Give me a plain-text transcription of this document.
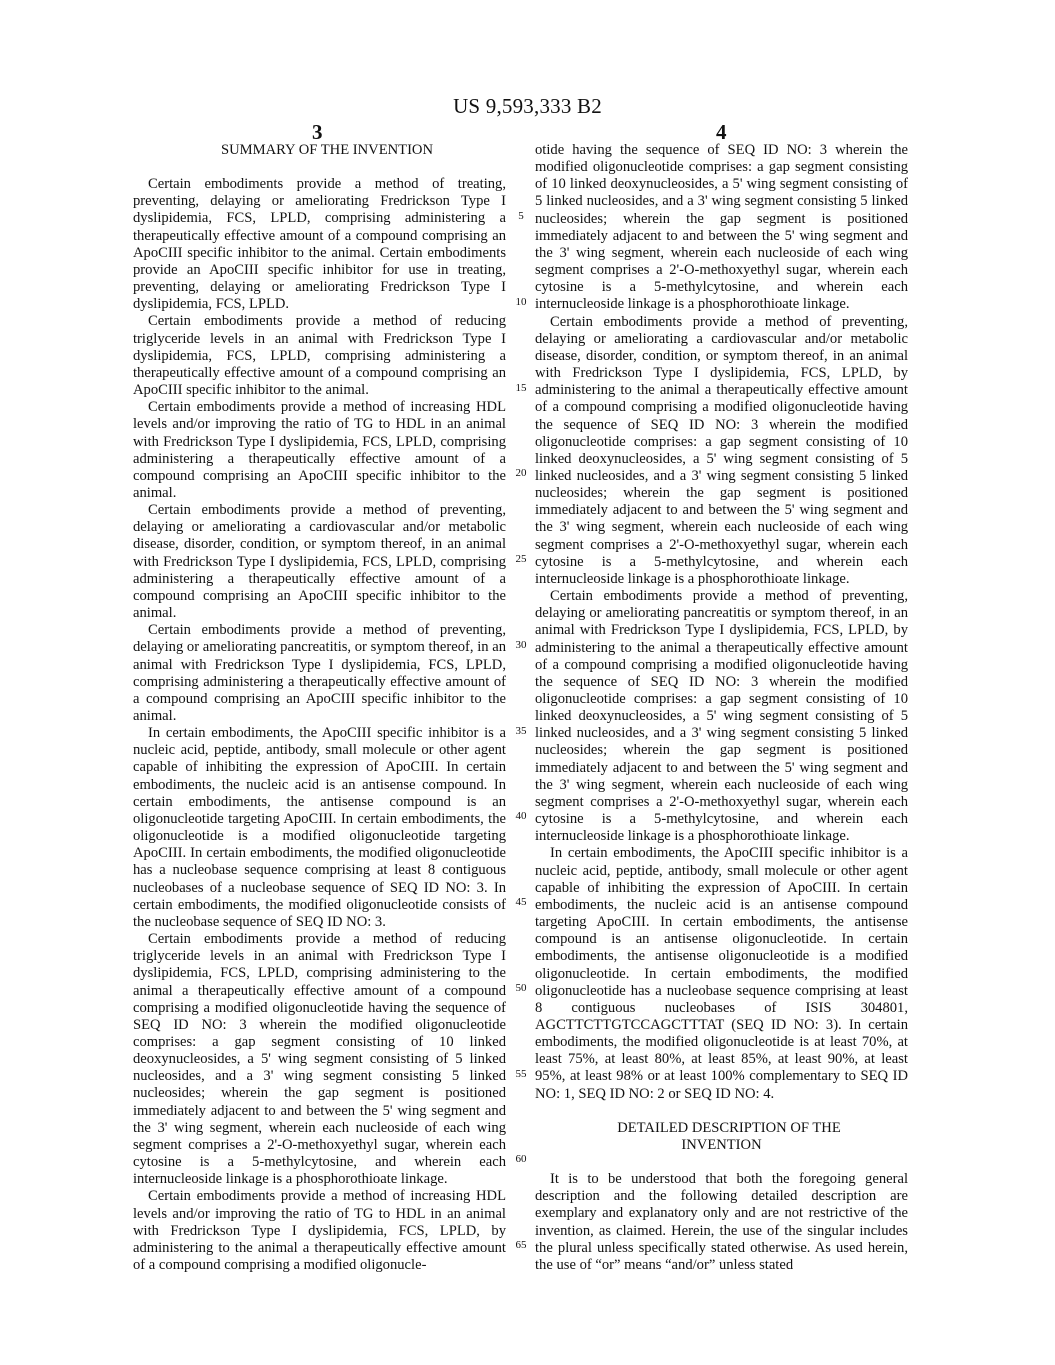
US 9,593,333 B2
3	4

SUMMARY OF THE INVENTION

Certain embodiments provide a method of treating, preventing, delaying or ameliorating Fredrickson Type I dyslipidemia, FCS, LPLD, comprising administering a therapeutically effective amount of a compound comprising an ApoCIII specific inhibitor to the animal. Certain embodiments provide an ApoCIII specific inhibitor for use in treating, preventing, delaying or ameliorating Fredrickson Type I dyslipidemia, FCS, LPLD.

Certain embodiments provide a method of reducing triglyceride levels in an animal with Fredrickson Type I dyslipidemia, FCS, LPLD, comprising administering a therapeutically effective amount of a compound comprising an ApoCIII specific inhibitor to the animal.

Certain embodiments provide a method of increasing HDL levels and/or improving the ratio of TG to HDL in an animal with Fredrickson Type I dyslipidemia, FCS, LPLD, comprising administering a therapeutically effective amount of a compound comprising an ApoCIII specific inhibitor to the animal.

Certain embodiments provide a method of preventing, delaying or ameliorating a cardiovascular and/or metabolic disease, disorder, condition, or symptom thereof, in an animal with Fredrickson Type I dyslipidemia, FCS, LPLD, comprising administering a therapeutically effective amount of a compound comprising an ApoCIII specific inhibitor to the animal.

Certain embodiments provide a method of preventing, delaying or ameliorating pancreatitis, or symptom thereof, in an animal with Fredrickson Type I dyslipidemia, FCS, LPLD, comprising administering a therapeutically effective amount of a compound comprising an ApoCIII specific inhibitor to the animal.

In certain embodiments, the ApoCIII specific inhibitor is a nucleic acid, peptide, antibody, small molecule or other agent capable of inhibiting the expression of ApoCIII. In certain embodiments, the nucleic acid is an antisense compound. In certain embodiments, the antisense compound is an oligonucleotide targeting ApoCIII. In certain embodiments, the oligonucleotide is a modified oligonucleotide targeting ApoCIII. In certain embodiments, the modified oligonucleotide has a nucleobase sequence comprising at least 8 contiguous nucleobases of a nucleobase sequence of SEQ ID NO: 3. In certain embodiments, the modified oligonucleotide consists of the nucleobase sequence of SEQ ID NO: 3.

Certain embodiments provide a method of reducing triglyceride levels in an animal with Fredrickson Type I dyslipidemia, FCS, LPLD, comprising administering to the animal a therapeutically effective amount of a compound comprising a modified oligonucleotide having the sequence of SEQ ID NO: 3 wherein the modified oligonucleotide comprises: a gap segment consisting of 10 linked deoxynucleosides, a 5' wing segment consisting of 5 linked nucleosides, and a 3' wing segment consisting 5 linked nucleosides; wherein the gap segment is positioned immediately adjacent to and between the 5' wing segment and the 3' wing segment, wherein each nucleoside of each wing segment comprises a 2'-O-methoxyethyl sugar, wherein each cytosine is a 5-methylcytosine, and wherein each internucleoside linkage is a phosphorothioate linkage.

Certain embodiments provide a method of increasing HDL levels and/or improving the ratio of TG to HDL in an animal with Fredrickson Type I dyslipidemia, FCS, LPLD, by administering to the animal a therapeutically effective amount of a compound comprising a modified oligonucle-

5
10
15
20
25
30
35
40
45
50
55
60
65

otide having the sequence of SEQ ID NO: 3 wherein the modified oligonucleotide comprises: a gap segment consisting of 10 linked deoxynucleosides, a 5' wing segment consisting of 5 linked nucleosides, and a 3' wing segment consisting 5 linked nucleosides; wherein the gap segment is positioned immediately adjacent to and between the 5' wing segment and the 3' wing segment, wherein each nucleoside of each wing segment comprises a 2'-O-methoxyethyl sugar, wherein each cytosine is a 5-methylcytosine, and wherein each internucleoside linkage is a phosphorothioate linkage.

Certain embodiments provide a method of preventing, delaying or ameliorating a cardiovascular and/or metabolic disease, disorder, condition, or symptom thereof, in an animal with Fredrickson Type I dyslipidemia, FCS, LPLD, by administering to the animal a therapeutically effective amount of a compound comprising a modified oligonucleotide having the sequence of SEQ ID NO: 3 wherein the modified oligonucleotide comprises: a gap segment consisting of 10 linked deoxynucleosides, a 5' wing segment consisting of 5 linked nucleosides, and a 3' wing segment consisting 5 linked nucleosides; wherein the gap segment is positioned immediately adjacent to and between the 5' wing segment and the 3' wing segment, wherein each nucleoside of each wing segment comprises a 2'-O-methoxyethyl sugar, wherein each cytosine is a 5-methylcytosine, and wherein each internucleoside linkage is a phosphorothioate linkage.

Certain embodiments provide a method of preventing, delaying or ameliorating pancreatitis or symptom thereof, in an animal with Fredrickson Type I dyslipidemia, FCS, LPLD, by administering to the animal a therapeutically effective amount of a compound comprising a modified oligonucleotide having the sequence of SEQ ID NO: 3 wherein the modified oligonucleotide comprises: a gap segment consisting of 10 linked deoxynucleosides, a 5' wing segment consisting of 5 linked nucleosides, and a 3' wing segment consisting 5 linked nucleosides; wherein the gap segment is positioned immediately adjacent to and between the 5' wing segment and the 3' wing segment, wherein each nucleoside of each wing segment comprises a 2'-O-methoxyethyl sugar, wherein each cytosine is a 5-methylcytosine, and wherein each internucleoside linkage is a phosphorothioate linkage.

In certain embodiments, the ApoCIII specific inhibitor is a nucleic acid, peptide, antibody, small molecule or other agent capable of inhibiting the expression of ApoCIII. In certain embodiments, the nucleic acid is an antisense compound targeting ApoCIII. In certain embodiments, the antisense compound is an antisense oligonucleotide. In certain embodiments, the antisense oligonucleotide is a modified oligonucleotide. In certain embodiments, the modified oligonucleotide has a nucleobase sequence comprising at least 8 contiguous nucleobases of ISIS 304801, AGCTTCTTGTCCAGCTTTAT (SEQ ID NO: 3). In certain embodiments, the modified oligonucleotide is at least 70%, at least 75%, at least 80%, at least 85%, at least 90%, at least 95%, at least 98% or at least 100% complementary to SEQ ID NO: 1, SEQ ID NO: 2 or SEQ ID NO: 4.

DETAILED DESCRIPTION OF THE
INVENTION

It is to be understood that both the foregoing general description and the following detailed description are exemplary and explanatory only and are not restrictive of the invention, as claimed. Herein, the use of the singular includes the plural unless specifically stated otherwise. As used herein, the use of “or” means “and/or” unless stated
